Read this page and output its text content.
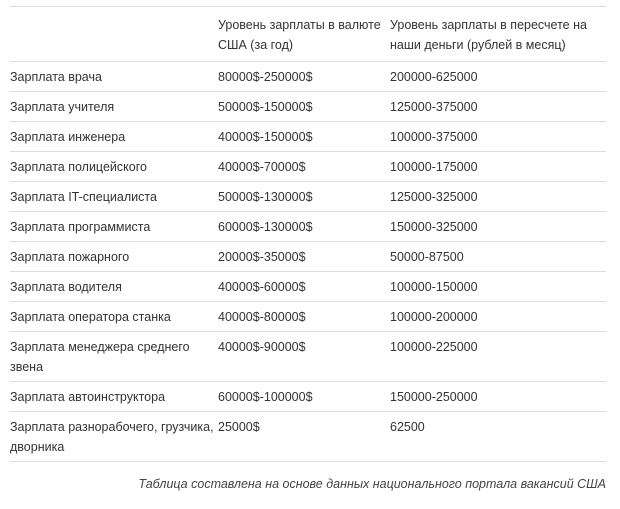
	Уровень зарплаты в валюте США (за год)	Уровень зарплаты в пересчете на наши деньги (рублей в месяц)
Зарплата врача	80000$-250000$	200000-625000
Зарплата учителя	50000$-150000$	125000-375000
Зарплата инженера	40000$-150000$	100000-375000
Зарплата полицейского	40000$-70000$	100000-175000
Зарплата IT-специалиста	50000$-130000$	125000-325000
Зарплата программиста	60000$-130000$	150000-325000
Зарплата пожарного	20000$-35000$	50000-87500
Зарплата водителя	40000$-60000$	100000-150000
Зарплата оператора станка	40000$-80000$	100000-200000
Зарплата менеджера среднего звена	40000$-90000$	100000-225000
Зарплата автоинструктора	60000$-100000$	150000-250000
Зарплата разнорабочего, грузчика, дворника	25000$	62500
Таблица составлена на основе данных национального портала вакансий США
